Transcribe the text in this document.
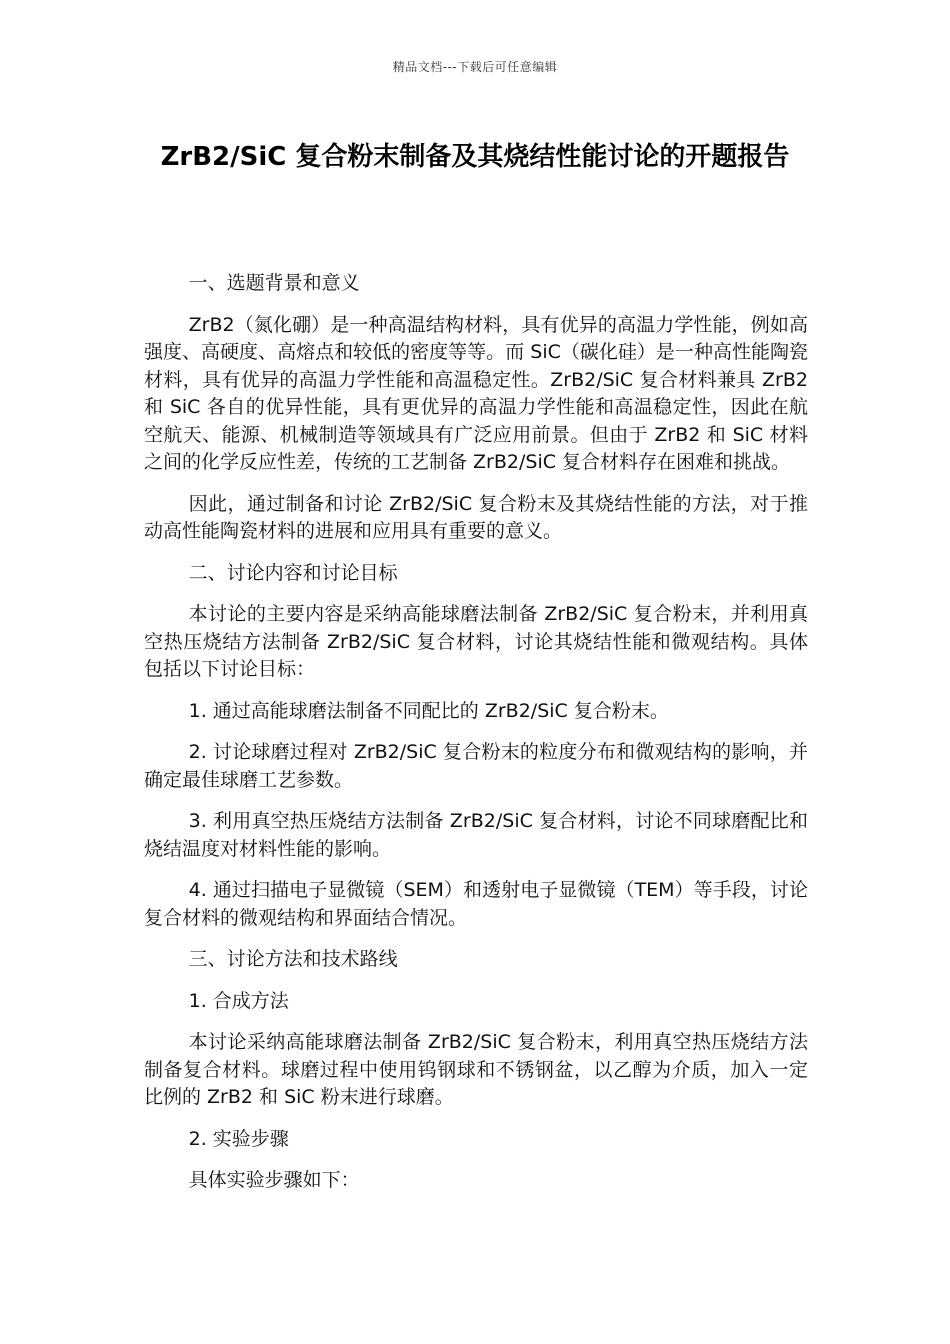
精品文档---下载后可任意编辑
ZrB2/SiC 复合粉末制备及其烧结性能讨论的开题报告
一、选题背景和意义
ZrB2（氮化硼）是一种高温结构材料，具有优异的高温力学性能，例如高强度、高硬度、高熔点和较低的密度等等。而 SiC（碳化硅）是一种高性能陶瓷材料，具有优异的高温力学性能和高温稳定性。ZrB2/SiC 复合材料兼具 ZrB2 和 SiC 各自的优异性能，具有更优异的高温力学性能和高温稳定性，因此在航空航天、能源、机械制造等领域具有广泛应用前景。但由于 ZrB2 和 SiC 材料之间的化学反应性差，传统的工艺制备 ZrB2/SiC 复合材料存在困难和挑战。
因此，通过制备和讨论 ZrB2/SiC 复合粉末及其烧结性能的方法，对于推动高性能陶瓷材料的进展和应用具有重要的意义。
二、讨论内容和讨论目标
本讨论的主要内容是采纳高能球磨法制备 ZrB2/SiC 复合粉末，并利用真空热压烧结方法制备 ZrB2/SiC 复合材料，讨论其烧结性能和微观结构。具体包括以下讨论目标：
1. 通过高能球磨法制备不同配比的 ZrB2/SiC 复合粉末。
2. 讨论球磨过程对 ZrB2/SiC 复合粉末的粒度分布和微观结构的影响，并确定最佳球磨工艺参数。
3. 利用真空热压烧结方法制备 ZrB2/SiC 复合材料，讨论不同球磨配比和烧结温度对材料性能的影响。
4. 通过扫描电子显微镜（SEM）和透射电子显微镜（TEM）等手段，讨论复合材料的微观结构和界面结合情况。
三、讨论方法和技术路线
1. 合成方法
本讨论采纳高能球磨法制备 ZrB2/SiC 复合粉末，利用真空热压烧结方法制备复合材料。球磨过程中使用钨钢球和不锈钢盆，以乙醇为介质，加入一定比例的 ZrB2 和 SiC 粉末进行球磨。
2. 实验步骤
具体实验步骤如下：
